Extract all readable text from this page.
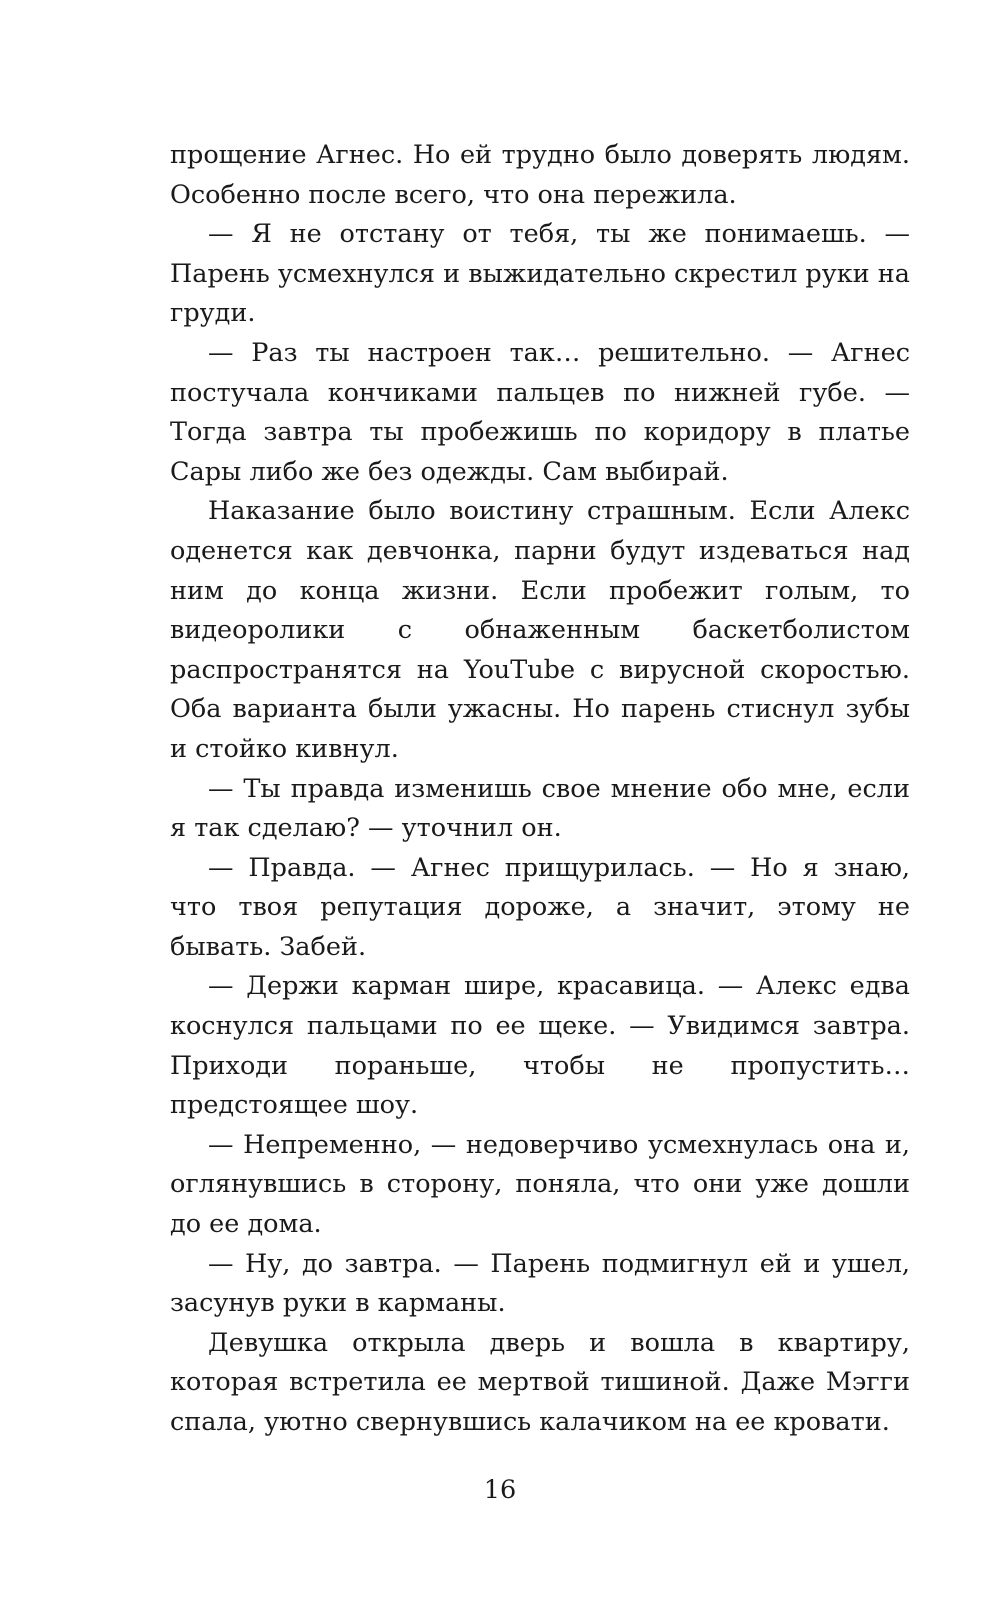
прощение Агнес. Но ей трудно было доверять людям. Особенно после всего, что она пережила.

— Я не отстану от тебя, ты же понимаешь. — Парень усмехнулся и выжидательно скрестил руки на груди.

— Раз ты настроен так… решительно. — Агнес постучала кончиками пальцев по нижней губе. — Тогда завтра ты пробежишь по коридору в платье Сары либо же без одежды. Сам выбирай.

Наказание было воистину страшным. Если Алекс оденется как девчонка, парни будут издеваться над ним до конца жизни. Если пробежит голым, то видеоролики с обнаженным баскетболистом распространятся на YouTube с вирусной скоростью. Оба варианта были ужасны. Но парень стиснул зубы и стойко кивнул.

— Ты правда изменишь свое мнение обо мне, если я так сделаю? — уточнил он.

— Правда. — Агнес прищурилась. — Но я знаю, что твоя репутация дороже, а значит, этому не бывать. Забей.

— Держи карман шире, красавица. — Алекс едва коснулся пальцами по ее щеке. — Увидимся завтра. Приходи пораньше, чтобы не пропустить… предстоящее шоу.

— Непременно, — недоверчиво усмехнулась она и, оглянувшись в сторону, поняла, что они уже дошли до ее дома.

— Ну, до завтра. — Парень подмигнул ей и ушел, засунув руки в карманы.

Девушка открыла дверь и вошла в квартиру, которая встретила ее мертвой тишиной. Даже Мэгги спала, уютно свернувшись калачиком на ее кровати.

16
